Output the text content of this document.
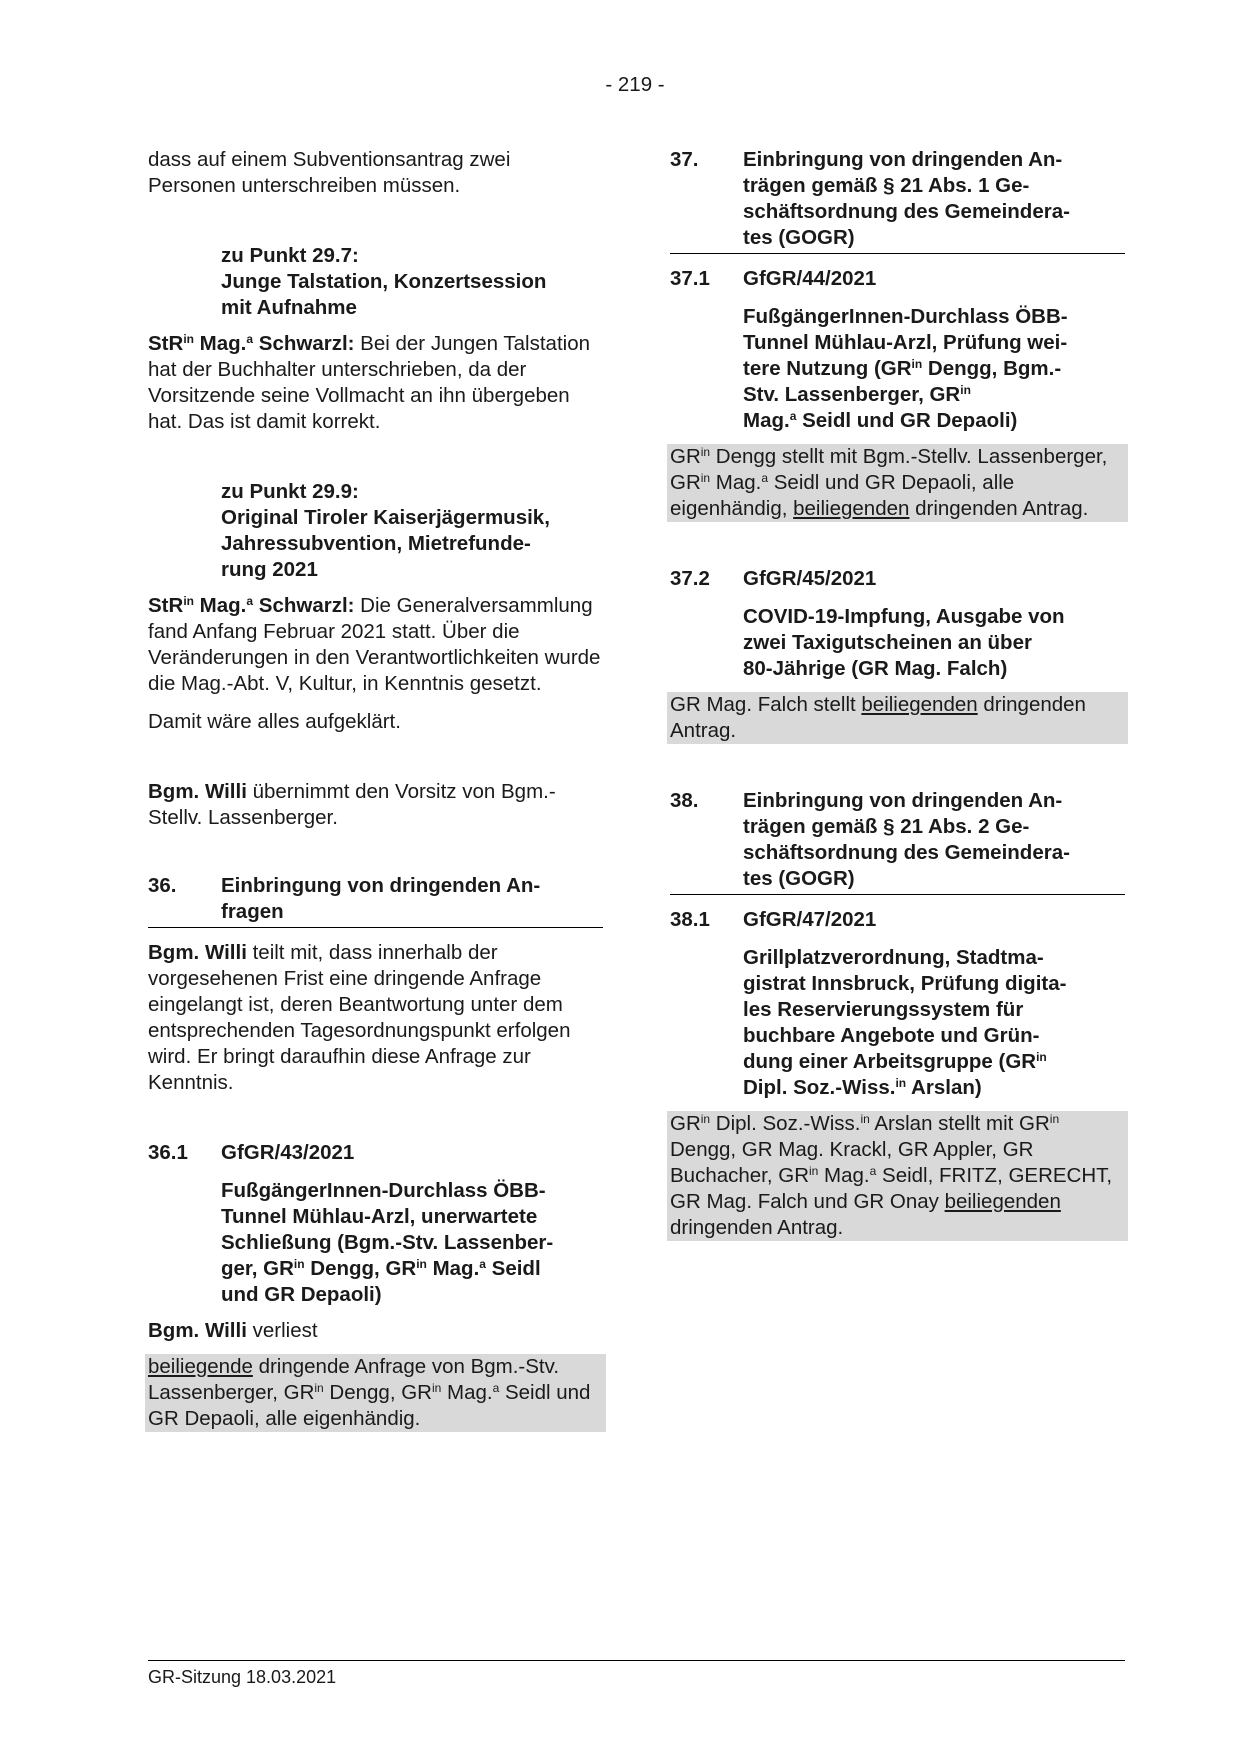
- 219 -

dass auf einem Subventionsantrag zwei Personen unterschreiben müssen.

zu Punkt 29.7:
Junge Talstation, Konzertsession
mit Aufnahme

StR$^{in}$ Mag.$^a$ Schwarzl: Bei der Jungen Talstation hat der Buchhalter unterschrieben, da der Vorsitzende seine Vollmacht an ihn übergeben hat. Das ist damit korrekt.

zu Punkt 29.9:
Original Tiroler Kaiserjägermusik,
Jahressubvention, Mietrefunde-
rung 2021

StR$^{in}$ Mag.$^a$ Schwarzl: Die Generalversammlung fand Anfang Februar 2021 statt. Über die Veränderungen in den Verantwortlichkeiten wurde die Mag.-Abt. V, Kultur, in Kenntnis gesetzt.

Damit wäre alles aufgeklärt.

Bgm. Willi übernimmt den Vorsitz von Bgm.-Stellv. Lassenberger.

36.	Einbringung von dringenden An-
fragen

Bgm. Willi teilt mit, dass innerhalb der vorgesehenen Frist eine dringende Anfrage eingelangt ist, deren Beantwortung unter dem entsprechenden Tagesordnungspunkt erfolgen wird. Er bringt daraufhin diese Anfrage zur Kenntnis.

36.1	GfGR/43/2021
FußgängerInnen-Durchlass ÖBB-
Tunnel Mühlau-Arzl, unerwartete
Schließung (Bgm.-Stv. Lassenber-
ger, $GR^{in}$ Dengg, $GR^{in}$ Mag.$^a$ Seidl
und GR Depaoli)

Bgm. Willi verliest

beiliegende dringende Anfrage von Bgm.-Stv. Lassenberger, $GR^{in}$ Dengg, $GR^{in}$ Mag.$^a$ Seidl und GR Depaoli, alle eigenhändig.

37.	Einbringung von dringenden An-
trägen gemäß § 21 Abs. 1 Ge-
schäftsordnung des Gemeindera-
tes (GOGR)
37.1	GfGR/44/2021
FußgängerInnen-Durchlass ÖBB-
Tunnel Mühlau-Arzl, Prüfung wei-
tere Nutzung ($GR^{in}$ Dengg, Bgm.-
Stv. Lassenberger, $GR^{in}$
Mag.$^a$ Seidl und GR Depaoli)

$GR^{in}$ Dengg stellt mit Bgm.-Stellv. Lassenberger, $GR^{in}$ Mag.$^a$ Seidl und GR Depaoli, alle eigenhändig, beiliegenden dringenden Antrag.

37.2	GfGR/45/2021
COVID-19-Impfung, Ausgabe von
zwei Taxigutscheinen an über
80-Jährige (GR Mag. Falch)

GR Mag. Falch stellt beiliegenden dringenden Antrag.

38.	Einbringung von dringenden An-
trägen gemäß § 21 Abs. 2 Ge-
schäftsordnung des Gemeindera-
tes (GOGR)
38.1	GfGR/47/2021
Grillplatzverordnung, Stadtma-
gistrat Innsbruck, Prüfung digita-
les Reservierungssystem für
buchbare Angebote und Grün-
dung einer Arbeitsgruppe ($GR^{in}$
Dipl. Soz.-Wiss.$^{in}$ Arslan)

$GR^{in}$ Dipl. Soz.-Wiss.$^{in}$ Arslan stellt mit $GR^{in}$ Dengg, GR Mag. Krackl, GR Appler, GR Buchacher, $GR^{in}$ Mag.$^a$ Seidl, FRITZ, GERECHT, GR Mag. Falch und GR Onay beiliegenden dringenden Antrag.

GR-Sitzung 18.03.2021
